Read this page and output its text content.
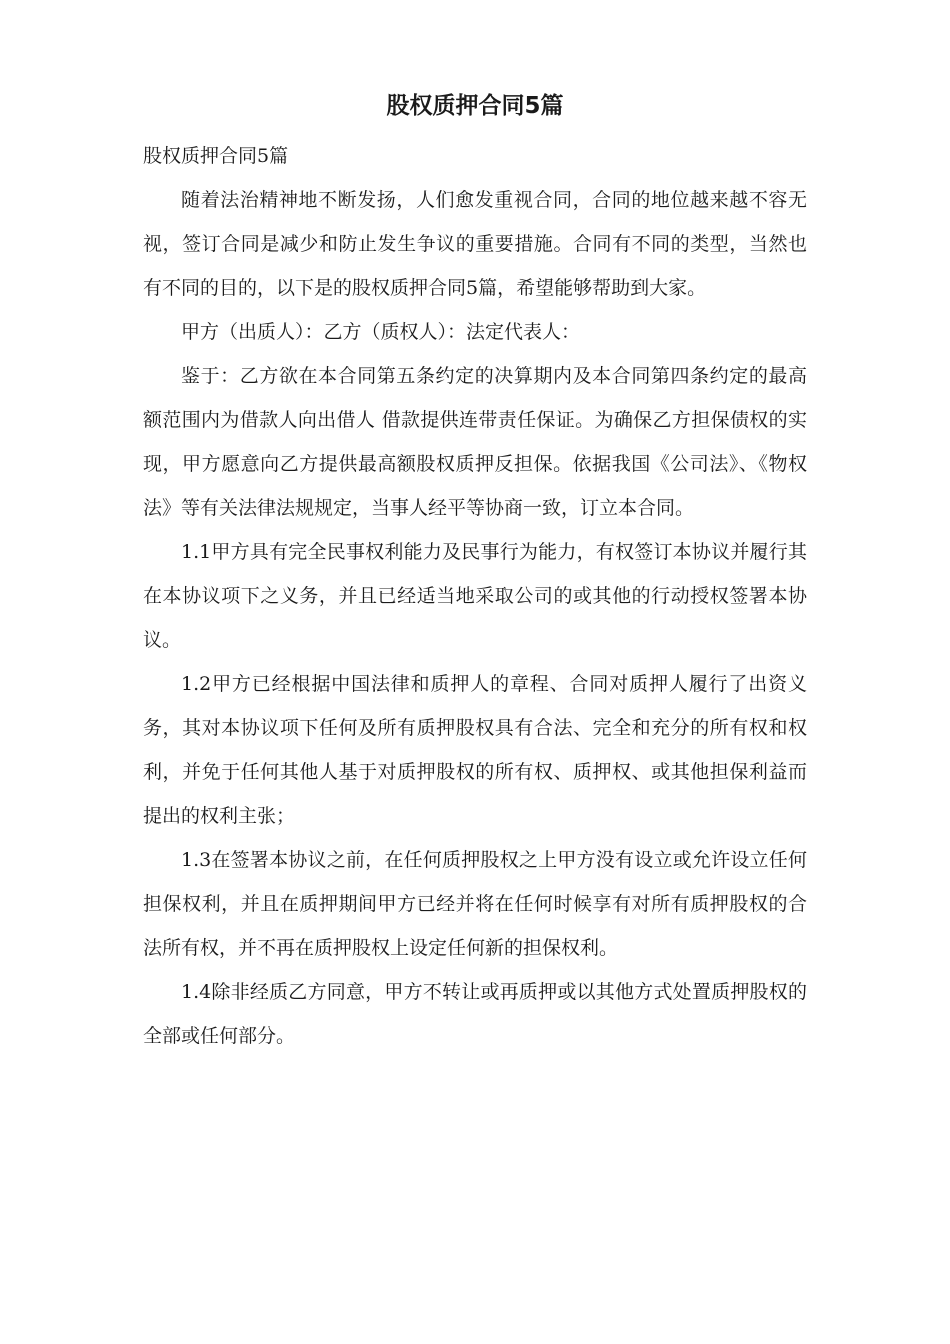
股权质押合同5篇

股权质押合同5篇

随着法治精神地不断发扬，人们愈发重视合同，合同的地位越来越不容无视，签订合同是减少和防止发生争议的重要措施。合同有不同的类型，当然也有不同的目的，以下是的股权质押合同5篇，希望能够帮助到大家。

甲方（出质人）：乙方（质权人）：法定代表人：

鉴于：乙方欲在本合同第五条约定的决算期内及本合同第四条约定的最高额范围内为借款人向出借人 借款提供连带责任保证。为确保乙方担保债权的实现，甲方愿意向乙方提供最高额股权质押反担保。依据我国《公司法》、《物权法》等有关法律法规规定，当事人经平等协商一致，订立本合同。

1.1甲方具有完全民事权利能力及民事行为能力，有权签订本协议并履行其在本协议项下之义务，并且已经适当地采取公司的或其他的行动授权签署本协议。

1.2甲方已经根据中国法律和质押人的章程、合同对质押人履行了出资义务，其对本协议项下任何及所有质押股权具有合法、完全和充分的所有权和权利，并免于任何其他人基于对质押股权的所有权、质押权、或其他担保利益而提出的权利主张；

1.3在签署本协议之前，在任何质押股权之上甲方没有设立或允许设立任何担保权利，并且在质押期间甲方已经并将在任何时候享有对所有质押股权的合法所有权，并不再在质押股权上设定任何新的担保权利。

1.4除非经质乙方同意，甲方不转让或再质押或以其他方式处置质押股权的全部或任何部分。
